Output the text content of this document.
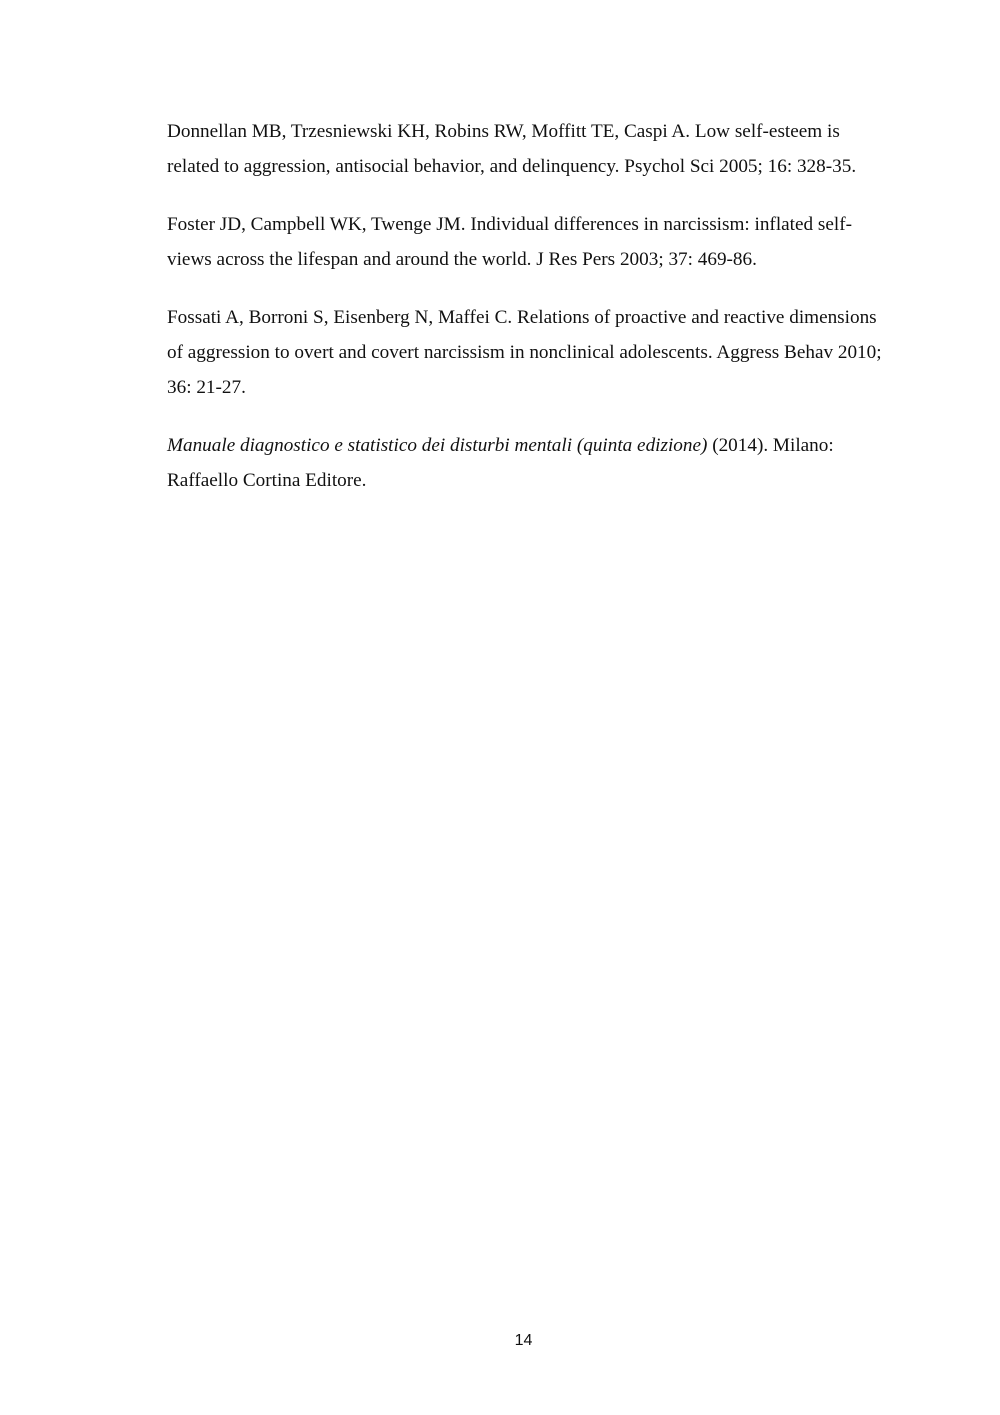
Donnellan MB, Trzesniewski KH, Robins RW, Moffitt TE, Caspi A. Low self-esteem is related to aggression, antisocial behavior, and delinquency. Psychol Sci 2005; 16: 328-35.

Foster JD, Campbell WK, Twenge JM. Individual differences in narcissism: inflated self-views across the lifespan and around the world. J Res Pers 2003; 37: 469-86.

Fossati A, Borroni S, Eisenberg N, Maffei C. Relations of proactive and reactive dimensions of aggression to overt and covert narcissism in nonclinical adolescents. Aggress Behav 2010; 36: 21-27.

Manuale diagnostico e statistico dei disturbi mentali (quinta edizione) (2014). Milano: Raffaello Cortina Editore.

14
